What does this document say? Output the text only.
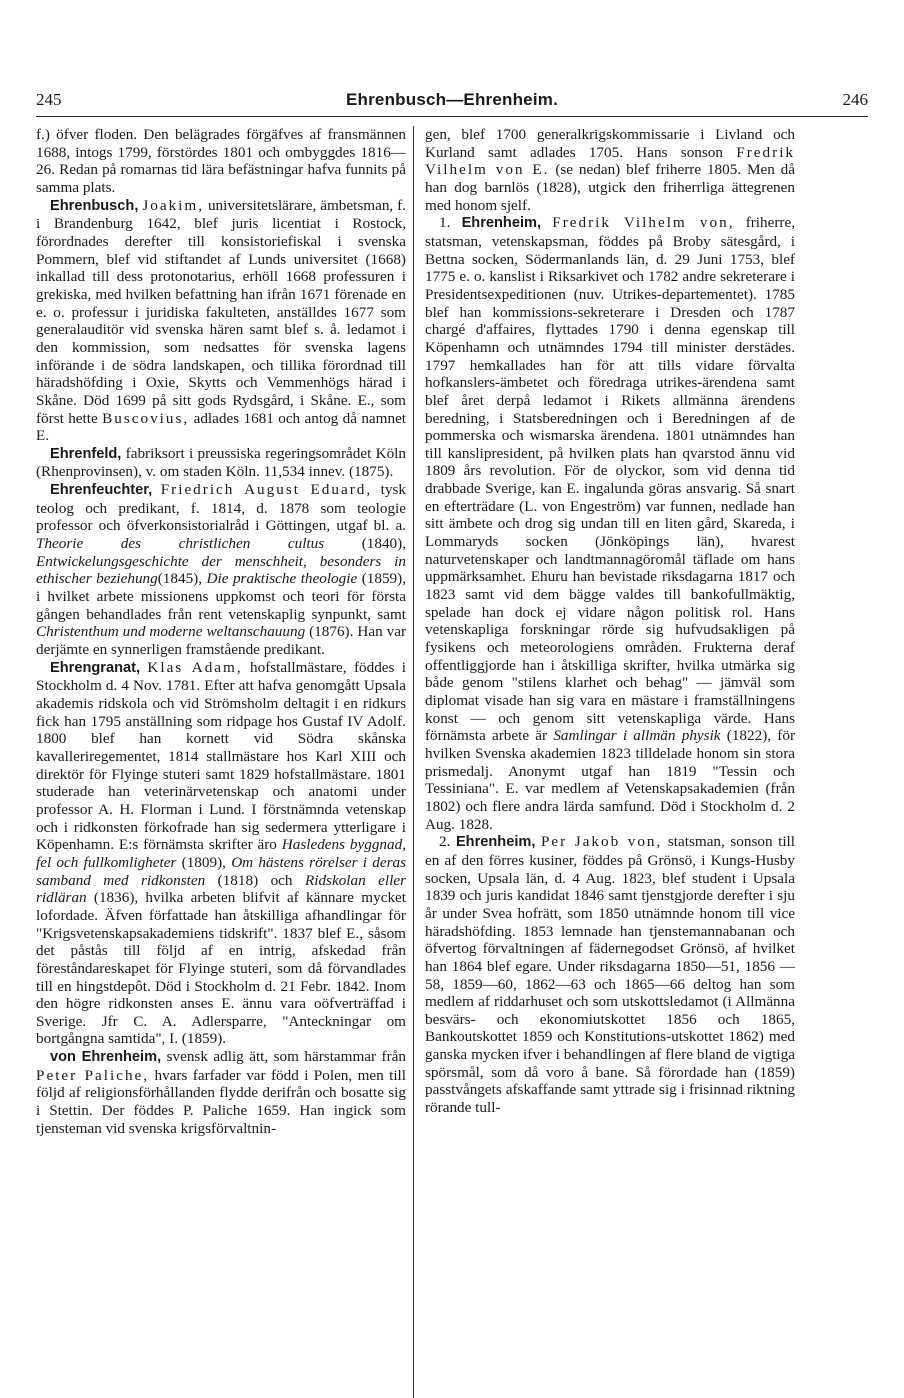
245	Ehrenbusch—Ehrenheim.	246

f.) öfver floden. Den belägrades förgäfves af fransmännen 1688, intogs 1799, förstördes 1801 och ombyggdes 1816—26. Redan på romarnas tid lära befästningar hafva funnits på samma plats.

Ehrenbusch, Joakim, universitetslärare, ämbetsman, f. i Brandenburg 1642, blef juris licentiat i Rostock, förordnades derefter till konsistoriefiskal i svenska Pommern, blef vid stiftandet af Lunds universitet (1668) inkallad till dess protonotarius, erhöll 1668 professuren i grekiska, med hvilken befattning han ifrån 1671 förenade en e. o. professur i juridiska fakulteten, anställdes 1677 som generalauditör vid svenska hären samt blef s. å. ledamot i den kommission, som nedsattes för svenska lagens införande i de södra landskapen, och tillika förordnad till häradshöfding i Oxie, Skytts och Vemmenhögs härad i Skåne. Död 1699 på sitt gods Rydsgård, i Skåne. E., som först hette Buscovius, adlades 1681 och antog då namnet E.

Ehrenfeld, fabriksort i preussiska regeringsområdet Köln (Rhenprovinsen), v. om staden Köln. 11,534 innev. (1875).

Ehrenfeuchter, Friedrich August Eduard, tysk teolog och predikant, f. 1814, d. 1878 som teologie professor och öfverkonsistorialråd i Göttingen, utgaf bl. a. Theorie des christlichen cultus (1840), Entwickelungsgeschichte der menschheit, besonders in ethischer beziehung(1845), Die praktische theologie (1859), i hvilket arbete missionens uppkomst och teori för första gången behandlades från rent vetenskaplig synpunkt, samt Christenthum und moderne weltanschauung (1876). Han var derjämte en synnerligen framstående predikant.

Ehrengranat, Klas Adam, hofstallmästare, föddes i Stockholm d. 4 Nov. 1781. Efter att hafva genomgått Upsala akademis ridskola och vid Strömsholm deltagit i en ridkurs fick han 1795 anställning som ridpage hos Gustaf IV Adolf. 1800 blef han kornett vid Södra skånska kavalleriregementet, 1814 stallmästare hos Karl XIII och direktör för Flyinge stuteri samt 1829 hofstallmästare. 1801 studerade han veterinärvetenskap och anatomi under professor A. H. Florman i Lund. I förstnämnda vetenskap och i ridkonsten förkofrade han sig sedermera ytterligare i Köpenhamn. E:s förnämsta skrifter äro Hasledens byggnad, fel och fullkomligheter (1809), Om hästens rörelser i deras samband med ridkonsten (1818) och Ridskolan eller ridläran (1836), hvilka arbeten blifvit af kännare mycket lofordade. Äfven författade han åtskilliga afhandlingar för "Krigsvetenskapsakademiens tidskrift". 1837 blef E., såsom det påstås till följd af en intrig, afskedad från föreståndareskapet för Flyinge stuteri, som då förvandlades till en hingstdepôt. Död i Stockholm d. 21 Febr. 1842. Inom den högre ridkonsten anses E. ännu vara oöfverträffad i Sverige. Jfr C. A. Adlersparre, "Anteckningar om bortgångna samtida", I. (1859).

von Ehrenheim, svensk adlig ätt, som härstammar från Peter Paliche, hvars farfader var född i Polen, men till följd af religionsförhållanden flydde derifrån och bosatte sig i Stettin. Der föddes P. Paliche 1659. Han ingick som tjensteman vid svenska krigsförvaltnin-

gen, blef 1700 generalkrigskommissarie i Livland och Kurland samt adlades 1705. Hans sonson Fredrik Vilhelm von E. (se nedan) blef friherre 1805. Men då han dog barnlös (1828), utgick den friherrliga ättegrenen med honom sjelf.

1. Ehrenheim, Fredrik Vilhelm von, friherre, statsman, vetenskapsman, föddes på Broby sätesgård, i Bettna socken, Södermanlands län, d. 29 Juni 1753, blef 1775 e. o. kanslist i Riksarkivet och 1782 andre sekreterare i Presidentsexpeditionen (nuv. Utrikes-departementet). 1785 blef han kommissions-sekreterare i Dresden och 1787 chargé d'affaires, flyttades 1790 i denna egenskap till Köpenhamn och utnämndes 1794 till minister derstädes. 1797 hemkallades han för att tills vidare förvalta hofkanslers-ämbetet och föredraga utrikes-ärendena samt blef året derpå ledamot i Rikets allmänna ärendens beredning, i Statsberedningen och i Beredningen af de pommerska och wismarska ärendena. 1801 utnämndes han till kanslipresident, på hvilken plats han qvarstod ännu vid 1809 års revolution. För de olyckor, som vid denna tid drabbade Sverige, kan E. ingalunda göras ansvarig. Så snart en efterträdare (L. von Engeström) var funnen, nedlade han sitt ämbete och drog sig undan till en liten gård, Skareda, i Lommaryds socken (Jönköpings län), hvarest naturvetenskaper och landtmannagöromål täflade om hans uppmärksamhet. Ehuru han bevistade riksdagarna 1817 och 1823 samt vid dem bägge valdes till bankofullmäktig, spelade han dock ej vidare någon politisk rol. Hans vetenskapliga forskningar rörde sig hufvudsakligen på fysikens och meteorologiens områden. Frukterna deraf offentliggjorde han i åtskilliga skrifter, hvilka utmärka sig både genom "stilens klarhet och behag" — jämväl som diplomat visade han sig vara en mästare i framställningens konst — och genom sitt vetenskapliga värde. Hans förnämsta arbete är Samlingar i allmän physik (1822), för hvilken Svenska akademien 1823 tilldelade honom sin stora prismedalj. Anonymt utgaf han 1819 "Tessin och Tessiniana". E. var medlem af Vetenskapsakademien (från 1802) och flere andra lärda samfund. Död i Stockholm d. 2 Aug. 1828.

2. Ehrenheim, Per Jakob von, statsman, sonson till en af den förres kusiner, föddes på Grönsö, i Kungs-Husby socken, Upsala län, d. 4 Aug. 1823, blef student i Upsala 1839 och juris kandidat 1846 samt tjenstgjorde derefter i sju år under Svea hofrätt, som 1850 utnämnde honom till vice häradshöfding. 1853 lemnade han tjenstemannabanan och öfvertog förvaltningen af fädernegodset Grönsö, af hvilket han 1864 blef egare. Under riksdagarna 1850—51, 1856 —58, 1859—60, 1862—63 och 1865—66 deltog han som medlem af riddarhuset och som utskottsledamot (i Allmänna besvärs- och ekonomiutskottet 1856 och 1865, Bankoutskottet 1859 och Konstitutions-utskottet 1862) med ganska mycken ifver i behandlingen af flere bland de vigtiga spörsmål, som då voro å bane. Så förordade han (1859) passtvångets afskaffande samt yttrade sig i frisinnad riktning rörande tull-
